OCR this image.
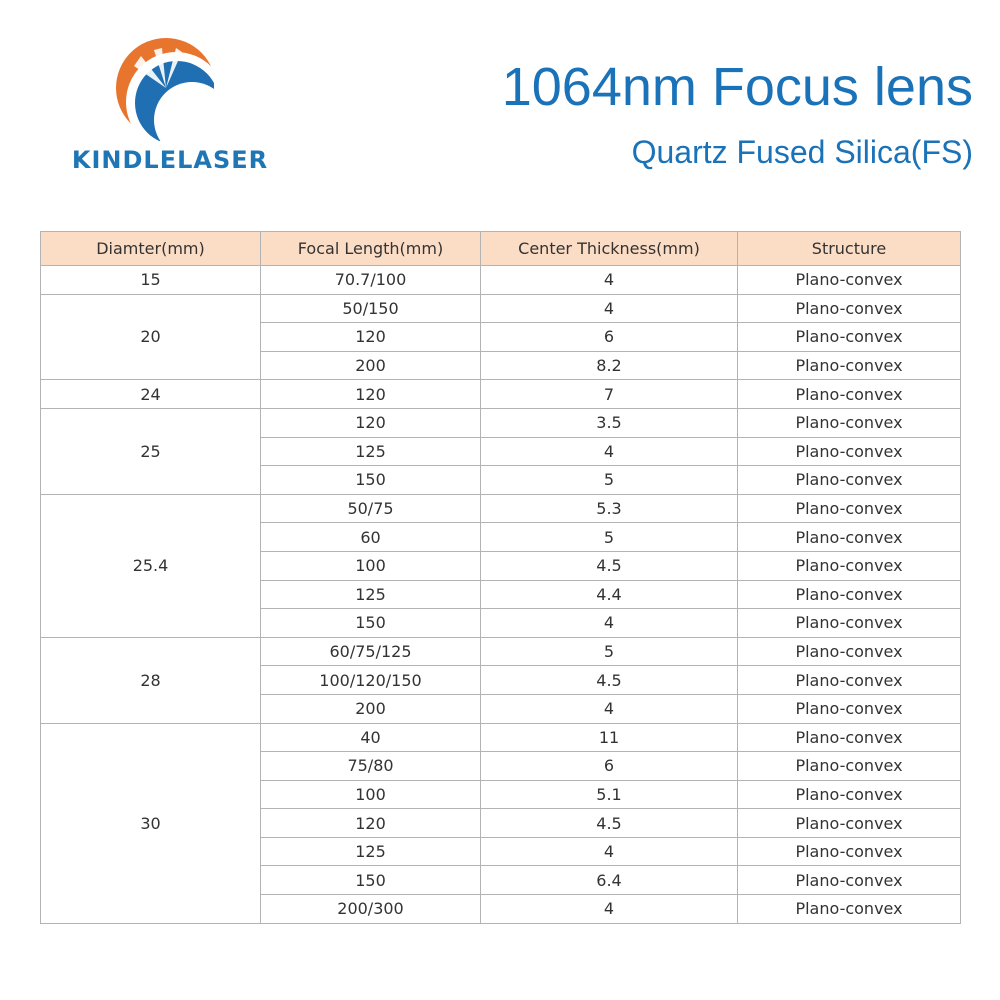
KINDLELASER
1064nm Focus lens
Quartz Fused Silica(FS)
Diamter(mm)	Focal Length(mm)	Center Thickness(mm)	Structure
15	70.7/100	4	Plano-convex
20	50/150	4	Plano-convex
	120	6	Plano-convex
	200	8.2	Plano-convex
24	120	7	Plano-convex
25	120	3.5	Plano-convex
	125	4	Plano-convex
	150	5	Plano-convex
25.4	50/75	5.3	Plano-convex
	60	5	Plano-convex
	100	4.5	Plano-convex
	125	4.4	Plano-convex
	150	4	Plano-convex
28	60/75/125	5	Plano-convex
	100/120/150	4.5	Plano-convex
	200	4	Plano-convex
30	40	11	Plano-convex
	75/80	6	Plano-convex
	100	5.1	Plano-convex
	120	4.5	Plano-convex
	125	4	Plano-convex
	150	6.4	Plano-convex
	200/300	4	Plano-convex
